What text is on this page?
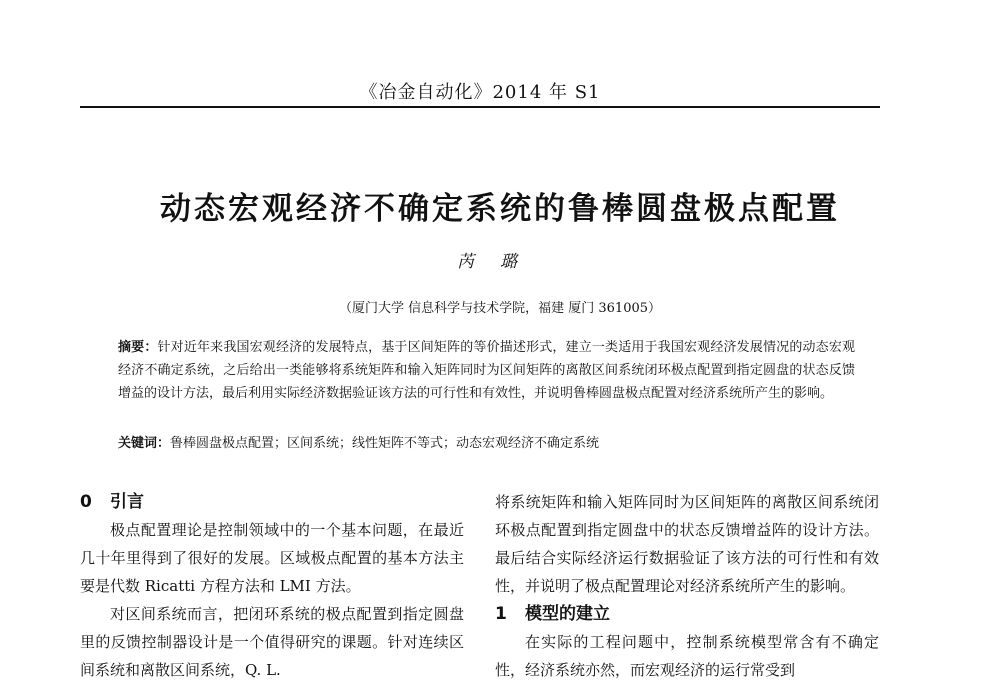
《冶金自动化》2014 年 S1
动态宏观经济不确定系统的鲁棒圆盘极点配置
芮璐
（厦门大学 信息科学与技术学院，福建 厦门 361005）
摘要：针对近年来我国宏观经济的发展特点，基于区间矩阵的等价描述形式，建立一类适用于我国宏观经济发展情况的动态宏观经济不确定系统，之后给出一类能够将系统矩阵和输入矩阵同时为区间矩阵的离散区间系统闭环极点配置到指定圆盘的状态反馈增益的设计方法，最后利用实际经济数据验证该方法的可行性和有效性，并说明鲁棒圆盘极点配置对经济系统所产生的影响。
关键词：鲁棒圆盘极点配置；区间系统；线性矩阵不等式；动态宏观经济不确定系统
0 引言

极点配置理论是控制领域中的一个基本问题，在最近几十年里得到了很好的发展。区域极点配置的基本方法主要是代数 Ricatti 方程方法和 LMI 方法。

对区间系统而言，把闭环系统的极点配置到指定圆盘里的反馈控制器设计是一个值得研究的课题。针对连续区间系统和离散区间系统，Q. L.

将系统矩阵和输入矩阵同时为区间矩阵的离散区间系统闭环极点配置到指定圆盘中的状态反馈增益阵的设计方法。最后结合实际经济运行数据验证了该方法的可行性和有效性，并说明了极点配置理论对经济系统所产生的影响。

1 模型的建立

在实际的工程问题中，控制系统模型常含有不确定性，经济系统亦然，而宏观经济的运行常受到
